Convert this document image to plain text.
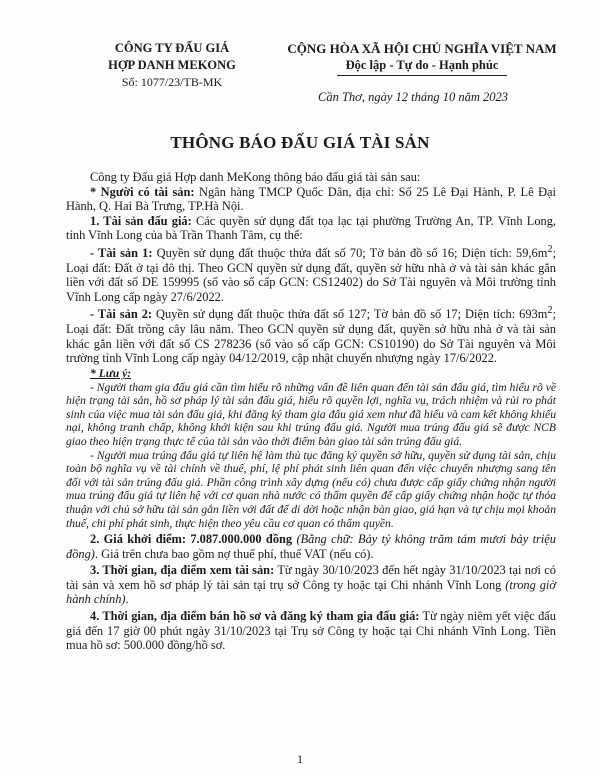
CÔNG TY ĐẤU GIÁ
HỢP DANH MEKONG
Số: 1077/23/TB-MK
CỘNG HÒA XÃ HỘI CHỦ NGHĨA VIỆT NAM
Độc lập - Tự do - Hạnh phúc
Cần Thơ, ngày 12 tháng 10 năm 2023
THÔNG BÁO ĐẤU GIÁ TÀI SẢN

Công ty Đấu giá Hợp danh MeKong thông báo đấu giá tài sản sau:

* Người có tài sản: Ngân hàng TMCP Quốc Dân, địa chỉ: Số 25 Lê Đại Hành, P. Lê Đại Hành, Q. Hai Bà Trưng, TP.Hà Nội.

1. Tài sản đấu giá: Các quyền sử dụng đất tọa lạc tại phường Trường An, TP. Vĩnh Long, tỉnh Vĩnh Long của bà Trần Thanh Tâm, cụ thể:

- Tài sản 1: Quyền sử dụng đất thuộc thửa đất số 70; Tờ bản đồ số 16; Diện tích: $59,6m^2$; Loại đất: Đất ở tại đô thị. Theo GCN quyền sử dụng đất, quyền sở hữu nhà ở và tài sản khác gắn liền với đất số DE 159995 (số vào số cấp GCN: CS12402) do Sở Tài nguyên và Môi trường tỉnh Vĩnh Long cấp ngày 27/6/2022.

- Tài sản 2: Quyền sử dụng đất thuộc thửa đất số 127; Tờ bản đồ số 17; Diện tích: $693m^2$; Loại đất: Đất trồng cây lâu năm. Theo GCN quyền sử dụng đất, quyền sở hữu nhà ở và tài sản khác gắn liền với đất số CS 278236 (số vào số cấp GCN: CS10190) do Sở Tài nguyên và Môi trường tỉnh Vĩnh Long cấp ngày 04/12/2019, cập nhật chuyển nhượng ngày 17/6/2022.

* Lưu ý:

- Người tham gia đấu giá cần tìm hiểu rõ những vấn đề liên quan đến tài sản đấu giá, tìm hiểu rõ về hiện trạng tài sản, hồ sơ pháp lý tài sản đấu giá, hiểu rõ quyền lợi, nghĩa vụ, trách nhiệm và rủi ro phát sinh của việc mua tài sản đấu giá, khi đăng ký tham gia đấu giá xem như đã hiểu và cam kết không khiếu nại, không tranh chấp, không khởi kiện sau khi trúng đấu giá. Người mua trúng đấu giá sẽ được NCB giao theo hiện trạng thực tế của tài sản vào thời điểm bàn giao tài sản trúng đấu giá.

- Người mua trúng đấu giá tự liên hệ làm thủ tục đăng ký quyền sở hữu, quyền sử dụng tài sản, chịu toàn bộ nghĩa vụ về tài chính về thuế, phí, lệ phí phát sinh liên quan đến việc chuyển nhượng sang tên đối với tài sản trúng đấu giá. Phần công trình xây dựng (nếu có) chưa được cấp giấy chứng nhận người mua trúng đấu giá tự liên hệ với cơ quan nhà nước có thẩm quyền để cấp giấy chứng nhận hoặc tự thỏa thuận với chủ sở hữu tài sản gắn liền với đất để di dời hoặc nhận bàn giao, giá hạn và tự chịu mọi khoản thuế, chi phí phát sinh, thực hiện theo yêu cầu cơ quan có thẩm quyền.

2. Giá khởi điểm: 7.087.000.000 đồng (Bằng chữ: Bảy tỷ không trăm tám mươi bảy triệu đồng). Giá trên chưa bao gồm nợ thuế phí, thuế VAT (nếu có).

3. Thời gian, địa điểm xem tài sản: Từ ngày 30/10/2023 đến hết ngày 31/10/2023 tại nơi có tài sản và xem hồ sơ pháp lý tài sản tại trụ sở Công ty hoặc tại Chi nhánh Vĩnh Long (trong giờ hành chính).

4. Thời gian, địa điểm bán hồ sơ và đăng ký tham gia đấu giá: Từ ngày niêm yết việc đấu giá đến 17 giờ 00 phút ngày 31/10/2023 tại Trụ sở Công ty hoặc tại Chi nhánh Vĩnh Long. Tiền mua hồ sơ: 500.000 đồng/hồ sơ.

1
